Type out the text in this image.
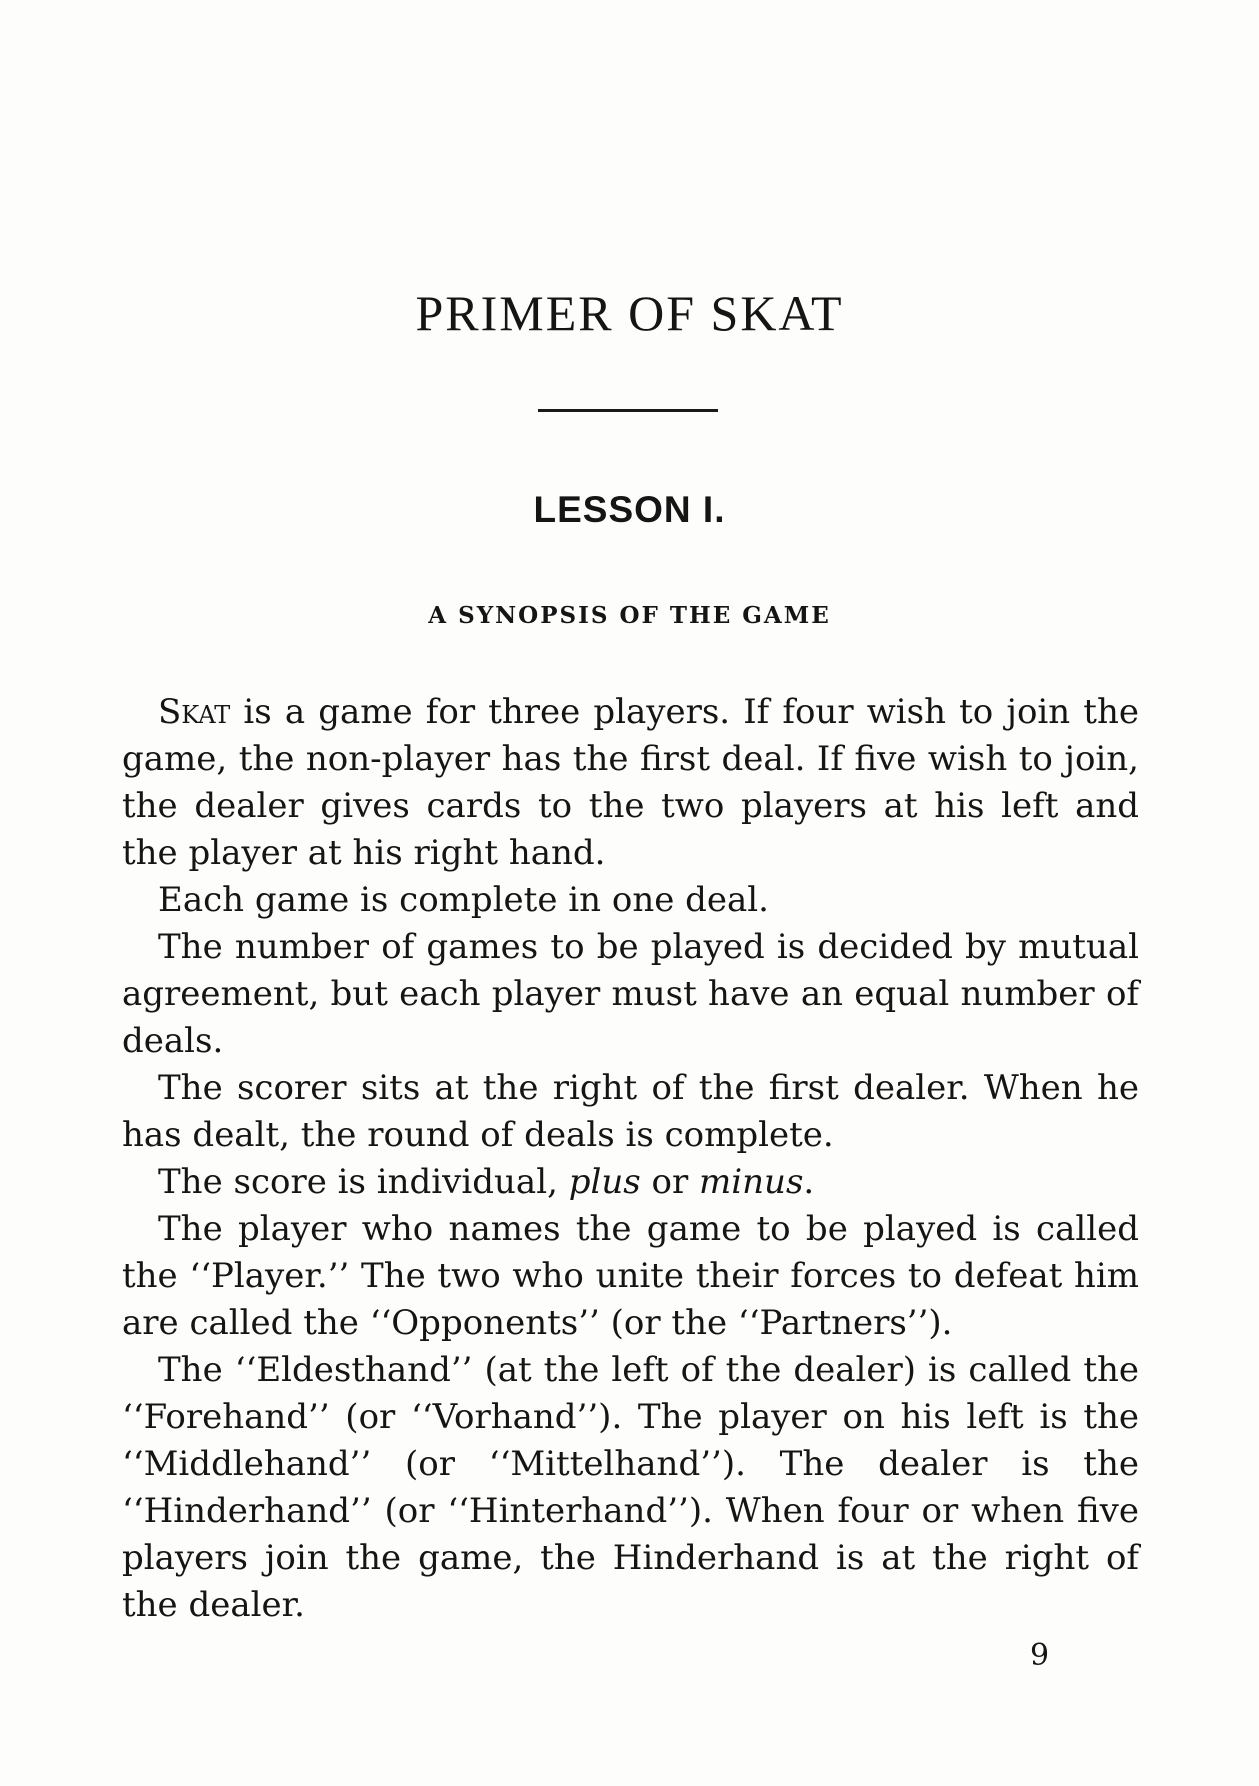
PRIMER OF SKAT
LESSON I.
A SYNOPSIS OF THE GAME

Skat is a game for three players. If four wish to join the game, the non-player has the first deal. If five wish to join, the dealer gives cards to the two players at his left and the player at his right hand.

Each game is complete in one deal.

The number of games to be played is decided by mutual agreement, but each player must have an equal number of deals.

The scorer sits at the right of the first dealer. When he has dealt, the round of deals is complete.

The score is individual, plus or minus.

The player who names the game to be played is called the ‘‘Player.’’ The two who unite their forces to defeat him are called the ‘‘Opponents’’ (or the ‘‘Partners’’).

The ‘‘Eldesthand’’ (at the left of the dealer) is called the ‘‘Forehand’’ (or ‘‘Vorhand’’). The player on his left is the ‘‘Middlehand’’ (or ‘‘Mittelhand’’). The dealer is the ‘‘Hinderhand’’ (or ‘‘Hinterhand’’). When four or when five players join the game, the Hinderhand is at the right of the dealer.

9
